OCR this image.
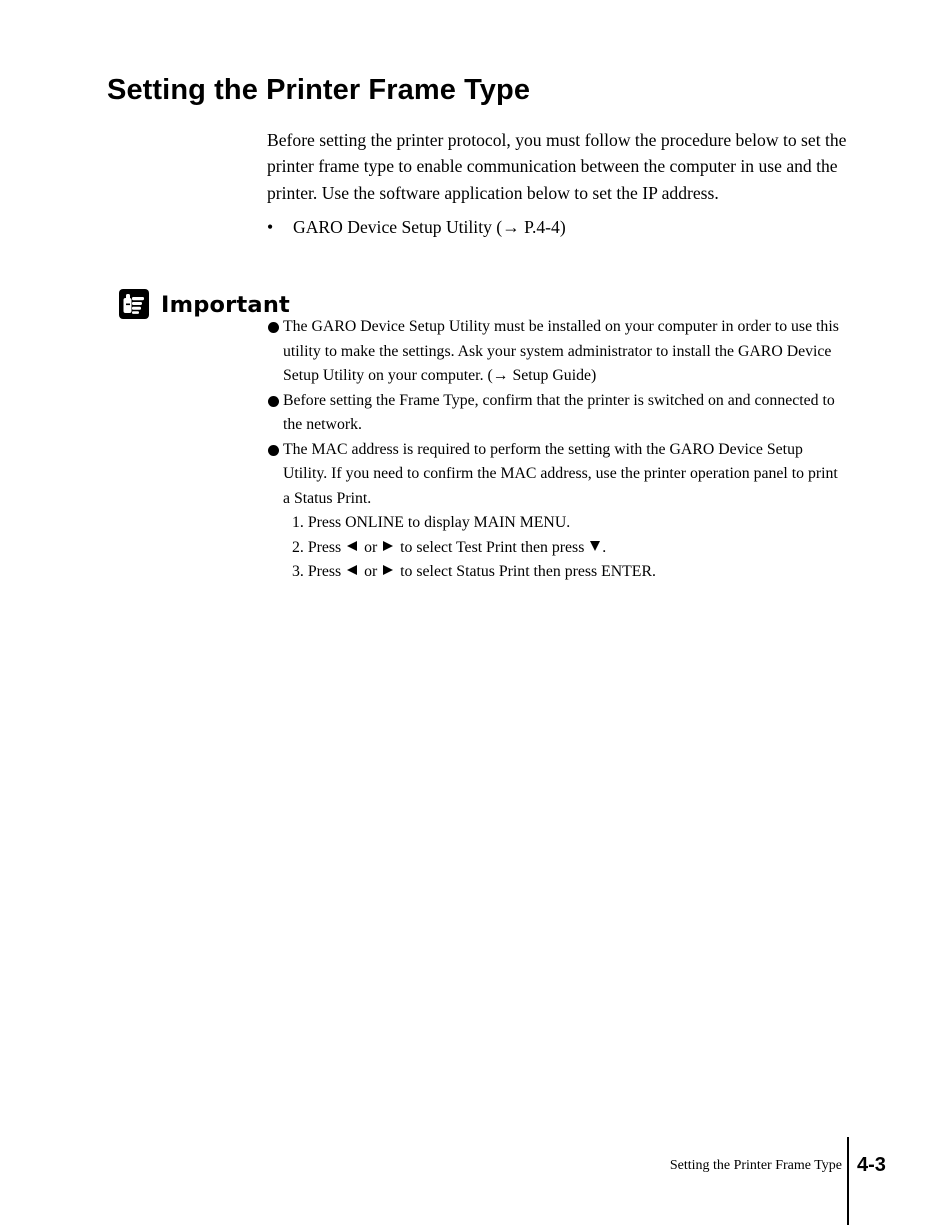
Setting the Printer Frame Type

Before setting the printer protocol, you must follow the procedure below to set the printer frame type to enable communication between the computer in use and the printer. Use the software application below to set the IP address.

•	GARO Device Setup Utility (→ P.4-4)
Important
The GARO Device Setup Utility must be installed on your computer in order to use this utility to make the settings. Ask your system administrator to install the GARO Device Setup Utility on your computer. (→ Setup Guide)
Before setting the Frame Type, confirm that the printer is switched on and connected to the network.
The MAC address is required to perform the setting with the GARO Device Setup Utility. If you need to confirm the MAC address, use the printer operation panel to print a Status Print.
1. Press ONLINE to display MAIN MENU.
2. Press or to select Test Print then press .
3. Press or to select Status Print then press ENTER.
Setting the Printer Frame Type 4-3
